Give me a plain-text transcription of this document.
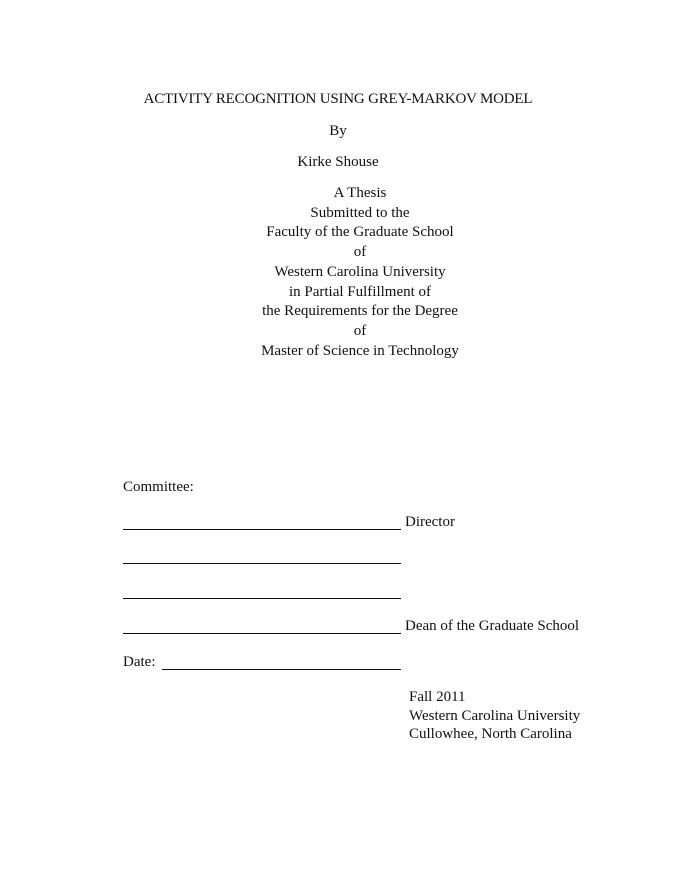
ACTIVITY RECOGNITION USING GREY-MARKOV MODEL
By
Kirke Shouse
A Thesis
Submitted to the
Faculty of the Graduate School
of
Western Carolina University
in Partial Fulfillment of
the Requirements for the Degree
of
Master of Science in Technology
Committee:
Director
Dean of the Graduate School
Date:
Fall 2011
Western Carolina University
Cullowhee, North Carolina
